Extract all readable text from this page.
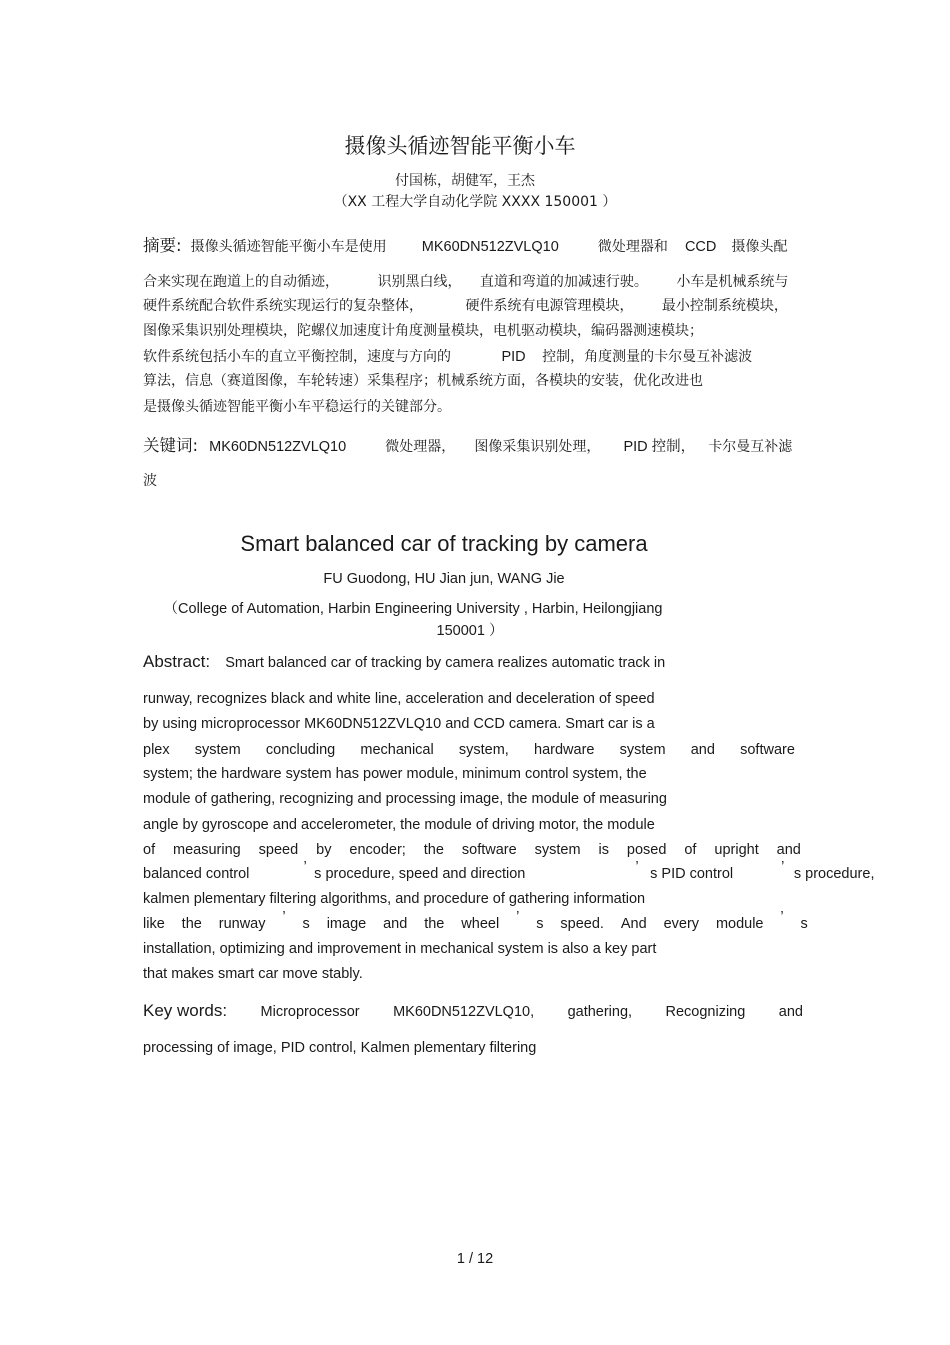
摄像头循迹智能平衡小车
付国栋，胡健军，王杰
（XX 工程大学自动化学院 XXXX 150001 ）
摘要: 摄像头循迹智能平衡小车是使用 MK60DN512ZVLQ10	微处理器和 CCD 摄像头配
合来实现在跑道上的自动循迹，	识别黑白线， 直道和弯道的加减速行驶。 小车是机械系统与
硬件系统配合软件系统实现运行的复杂整体，	硬件系统有电源管理模块， 最小控制系统模块，
图像采集识别处理模块，陀螺仪加速度计角度测量模块，电机驱动模块，编码器测速模块；
软件系统包括小车的直立平衡控制，速度与方向的	PID 控制，角度测量的卡尔曼互补滤波
算法，信息（赛道图像，车轮转速）采集程序；机械系统方面，各模块的安装，优化改进也
是摄像头循迹智能平衡小车平稳运行的关键部分。
关键词: MK60DN512ZVLQ10	微处理器， 图像采集识别处理， PID 控制， 卡尔曼互补滤
波
Smart balanced car of tracking by camera
FU Guodong, HU Jian jun, WANG Jie
（College of Automation, Harbin Engineering University , Harbin, Heilongjiang
150001 ）
Abstract: Smart balanced car of tracking by camera realizes automatic track in
runway, recognizes black and white line, acceleration and deceleration of speed
by using microprocessor MK60DN512ZVLQ10 and CCD camera. Smart car is a
plex system concluding mechanical system, hardware system and software
system; the hardware system has power module, minimum control system, the
module of gathering, recognizing and processing image, the module of measuring
angle by gyroscope and accelerometer, the module of driving motor, the module
of measuring speed by encoder; the software system is posed of upright and
balanced control	’ s procedure, speed and direction	’ s PID control	’ s procedure,
kalmen plementary filtering algorithms, and procedure of gathering information
like the runway ’ s image and the wheel ’ s speed. And every module ’ s
installation, optimizing and improvement in mechanical system is also a key part
that makes smart car move stably.
Key words: Microprocessor MK60DN512ZVLQ10, gathering, Recognizing and
processing of image, PID control, Kalmen plementary filtering
1 / 12
